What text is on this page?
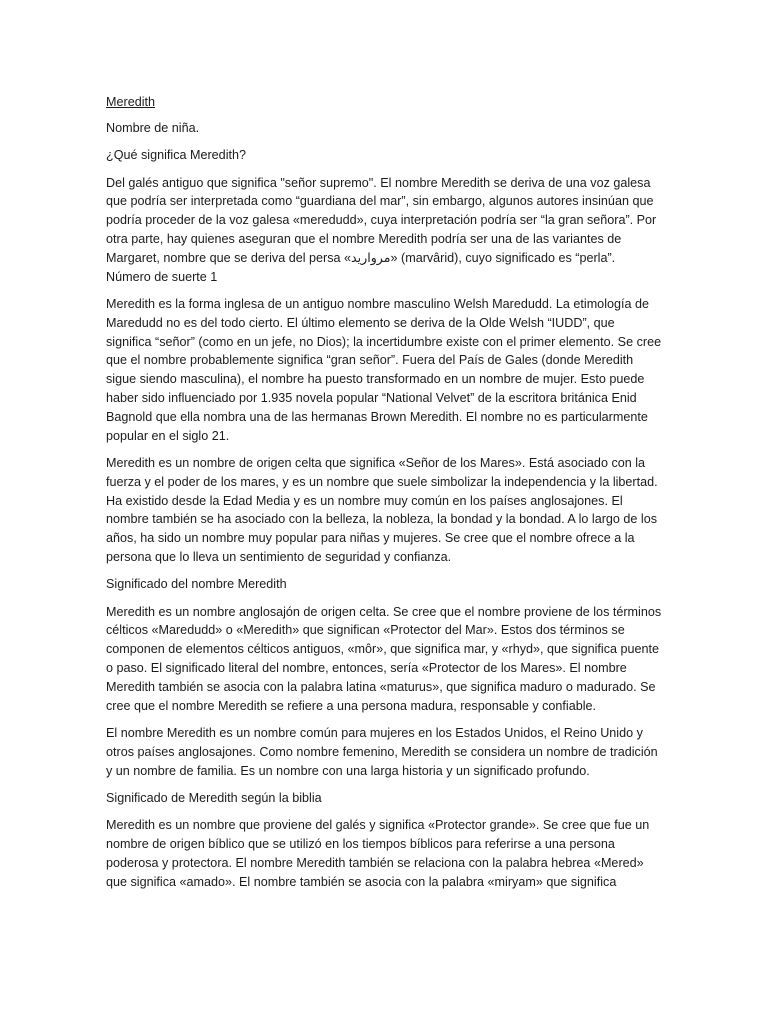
Meredith

Nombre de niña.

¿Qué significa Meredith?

Del galés antiguo que significa "señor supremo". El nombre Meredith se deriva de una voz galesa que podría ser interpretada como “guardiana del mar”, sin embargo, algunos autores insinúan que podría proceder de la voz galesa «meredudd», cuya interpretación podría ser “la gran señora”. Por otra parte, hay quienes aseguran que el nombre Meredith podría ser una de las variantes de Margaret, nombre que se deriva del persa «مروارید» (marvârid), cuyo significado es “perla”. Número de suerte 1

Meredith es la forma inglesa de un antiguo nombre masculino Welsh Maredudd. La etimología de Maredudd no es del todo cierto. El último elemento se deriva de la Olde Welsh “IUDD”, que significa “señor” (como en un jefe, no Dios); la incertidumbre existe con el primer elemento. Se cree que el nombre probablemente significa “gran señor”. Fuera del País de Gales (donde Meredith sigue siendo masculina), el nombre ha puesto transformado en un nombre de mujer. Esto puede haber sido influenciado por 1.935 novela popular “National Velvet” de la escritora británica Enid Bagnold que ella nombra una de las hermanas Brown Meredith. El nombre no es particularmente popular en el siglo 21.

Meredith es un nombre de origen celta que significa «Señor de los Mares». Está asociado con la fuerza y el poder de los mares, y es un nombre que suele simbolizar la independencia y la libertad. Ha existido desde la Edad Media y es un nombre muy común en los países anglosajones. El nombre también se ha asociado con la belleza, la nobleza, la bondad y la bondad. A lo largo de los años, ha sido un nombre muy popular para niñas y mujeres. Se cree que el nombre ofrece a la persona que lo lleva un sentimiento de seguridad y confianza.

Significado del nombre Meredith

Meredith es un nombre anglosajón de origen celta. Se cree que el nombre proviene de los términos célticos «Maredudd» o «Meredith» que significan «Protector del Mar». Estos dos términos se componen de elementos célticos antiguos, «môr», que significa mar, y «rhyd», que significa puente o paso. El significado literal del nombre, entonces, sería «Protector de los Mares». El nombre Meredith también se asocia con la palabra latina «maturus», que significa maduro o madurado. Se cree que el nombre Meredith se refiere a una persona madura, responsable y confiable.

El nombre Meredith es un nombre común para mujeres en los Estados Unidos, el Reino Unido y otros países anglosajones. Como nombre femenino, Meredith se considera un nombre de tradición y un nombre de familia. Es un nombre con una larga historia y un significado profundo.

Significado de Meredith según la biblia

Meredith es un nombre que proviene del galés y significa «Protector grande». Se cree que fue un nombre de origen bíblico que se utilizó en los tiempos bíblicos para referirse a una persona poderosa y protectora. El nombre Meredith también se relaciona con la palabra hebrea «Mered» que significa «amado». El nombre también se asocia con la palabra «miryam» que significa
